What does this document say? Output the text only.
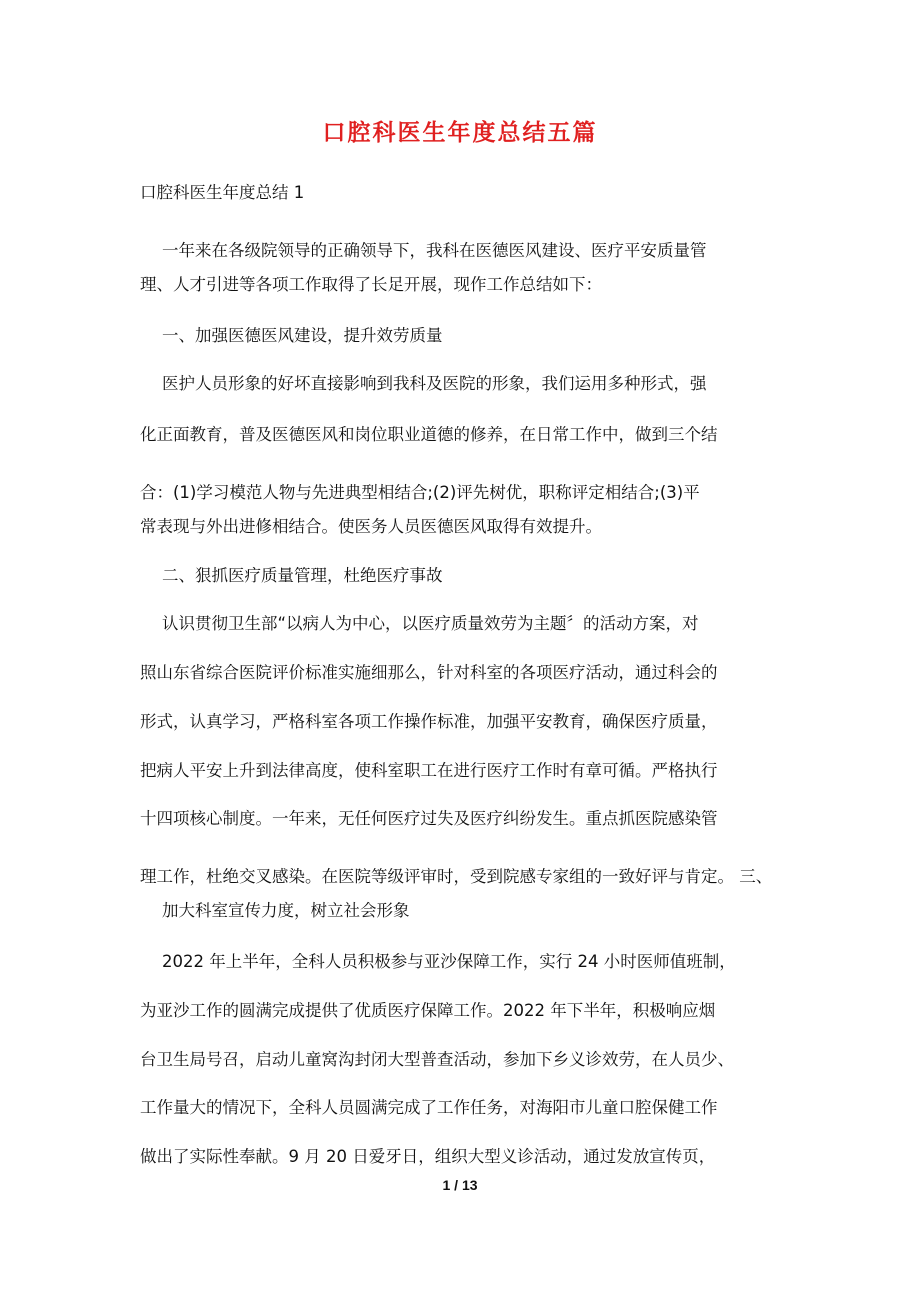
口腔科医生年度总结五篇
口腔科医生年度总结 1
一年来在各级院领导的正确领导下，我科在医德医风建设、医疗平安质量管
理、人才引进等各项工作取得了长足开展，现作工作总结如下：
一、加强医德医风建设，提升效劳质量
医护人员形象的好坏直接影响到我科及医院的形象，我们运用多种形式，强
化正面教育，普及医德医风和岗位职业道德的修养，在日常工作中，做到三个结
合：(1)学习模范人物与先进典型相结合;(2)评先树优，职称评定相结合;(3)平
常表现与外出进修相结合。使医务人员医德医风取得有效提升。
二、狠抓医疗质量管理，杜绝医疗事故
认识贯彻卫生部“以病人为中心，以医疗质量效劳为主题〞的活动方案，对
照山东省综合医院评价标准实施细那么，针对科室的各项医疗活动，通过科会的
形式，认真学习，严格科室各项工作操作标准，加强平安教育，确保医疗质量，
把病人平安上升到法律高度，使科室职工在进行医疗工作时有章可循。严格执行
十四项核心制度。一年来，无任何医疗过失及医疗纠纷发生。重点抓医院感染管
理工作，杜绝交叉感染。在医院等级评审时，受到院感专家组的一致好评与肯定。 三、
加大科室宣传力度，树立社会形象
2022 年上半年，全科人员积极参与亚沙保障工作，实行 24 小时医师值班制，
为亚沙工作的圆满完成提供了优质医疗保障工作。2022 年下半年，积极响应烟
台卫生局号召，启动儿童窝沟封闭大型普查活动，参加下乡义诊效劳，在人员少、
工作量大的情况下，全科人员圆满完成了工作任务，对海阳市儿童口腔保健工作
做出了实际性奉献。9 月 20 日爱牙日，组织大型义诊活动，通过发放宣传页，
1 / 13
